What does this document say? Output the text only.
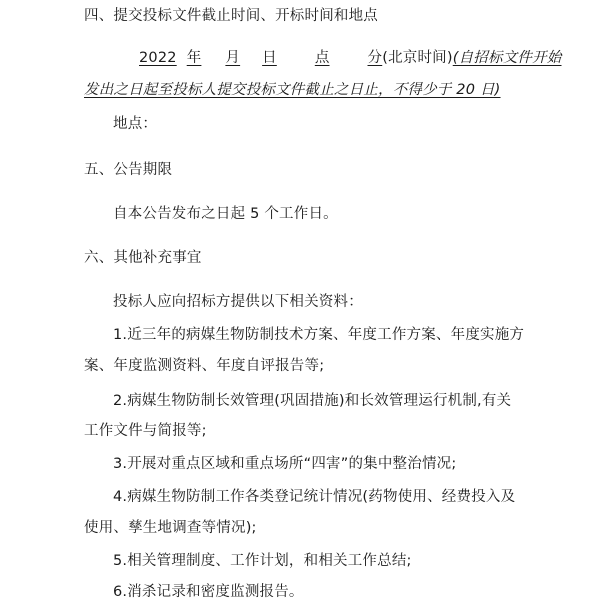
四、提交投标文件截止时间、开标时间和地点
2022 年 月 日	点	分(北京时间)(自招标文件开始
发出之日起至投标人提交投标文件截止之日止，不得少于 20 日)
地点：
五、公告期限
自本公告发布之日起 5 个工作日。
六、其他补充事宜
投标人应向招标方提供以下相关资料：
1.近三年的病媒生物防制技术方案、年度工作方案、年度实施方
案、年度监测资料、年度自评报告等;
2.病媒生物防制长效管理(巩固措施)和长效管理运行机制,有关
工作文件与简报等;
3.开展对重点区域和重点场所“四害”的集中整治情况;
4.病媒生物防制工作各类登记统计情况(药物使用、经费投入及
使用、孳生地调查等情况);
5.相关管理制度、工作计划，和相关工作总结;
6.消杀记录和密度监测报告。
